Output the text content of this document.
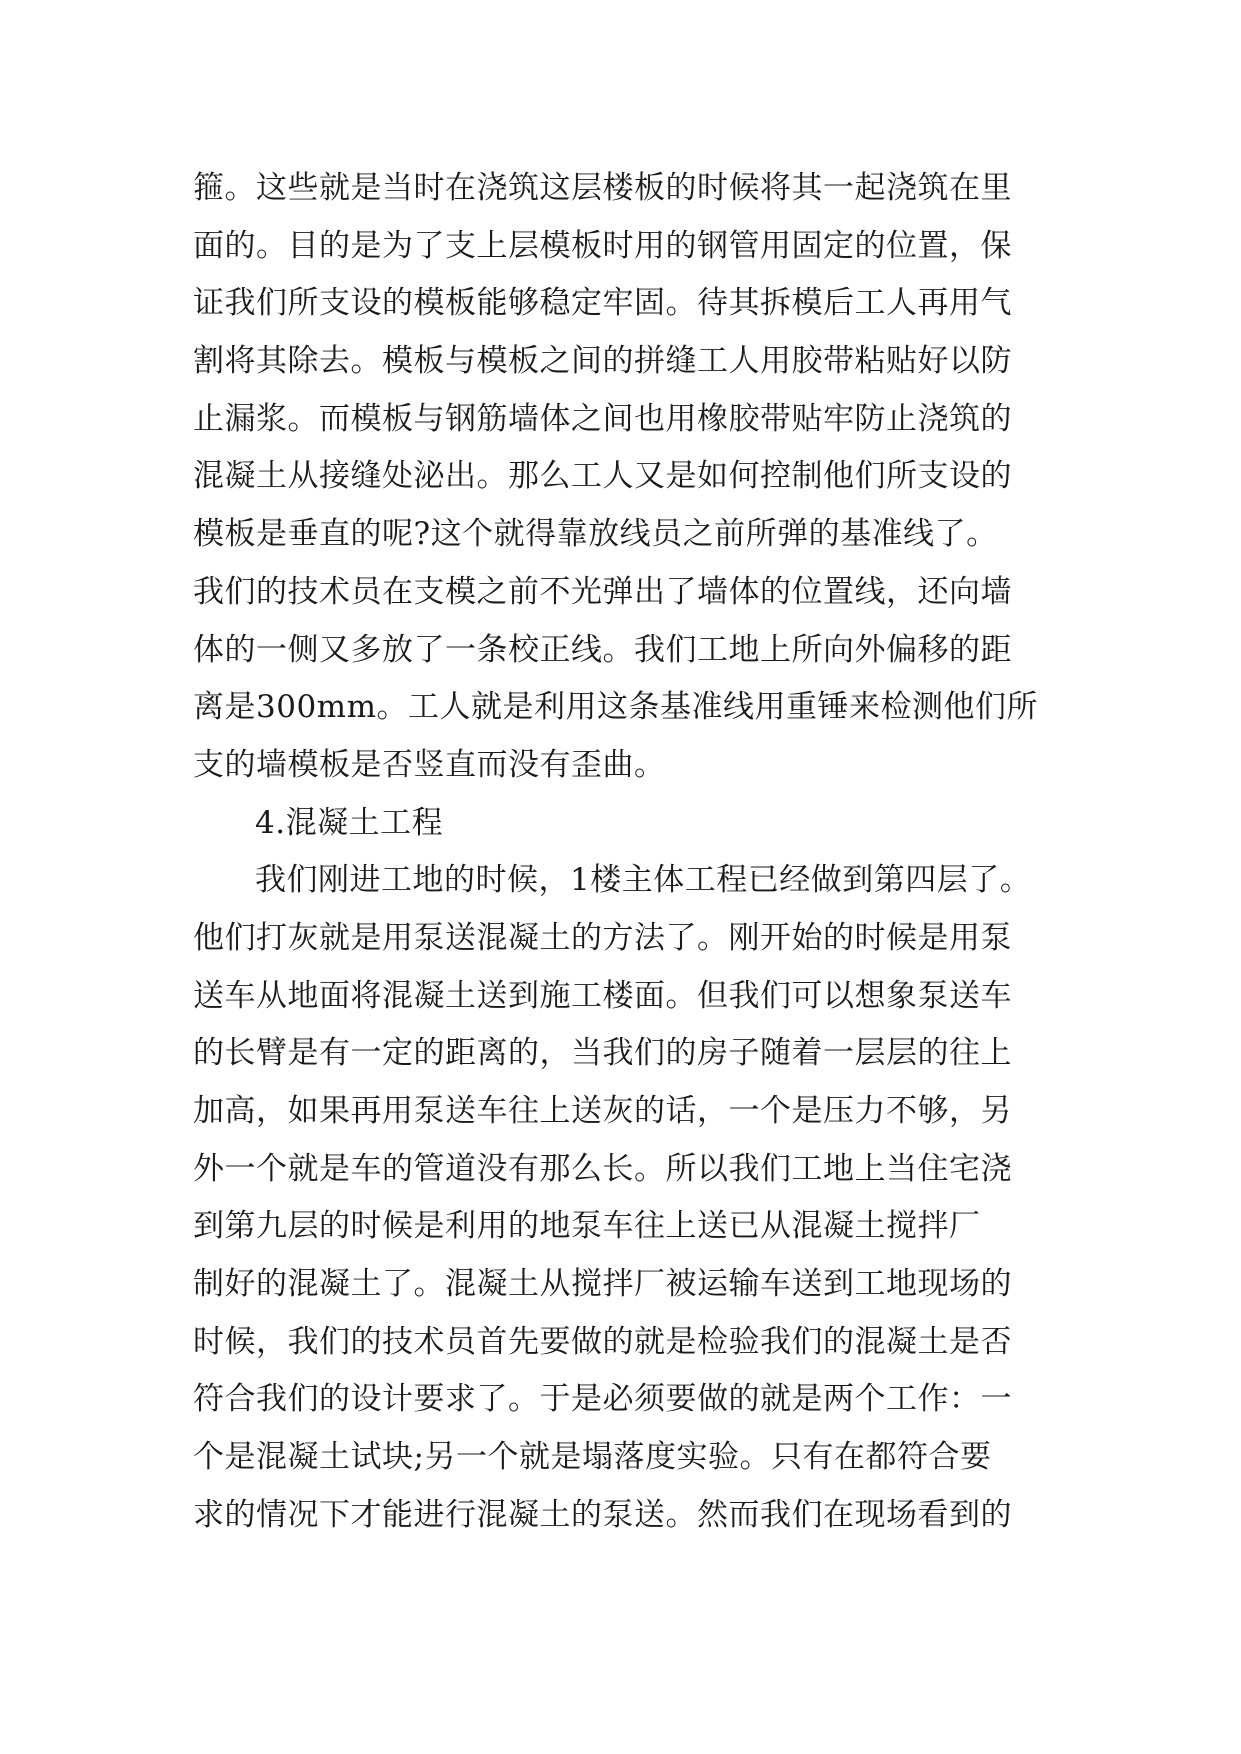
箍。这些就是当时在浇筑这层楼板的时候将其一起浇筑在里
面的。目的是为了支上层模板时用的钢管用固定的位置，保
证我们所支设的模板能够稳定牢固。待其拆模后工人再用气
割将其除去。模板与模板之间的拼缝工人用胶带粘贴好以防
止漏浆。而模板与钢筋墙体之间也用橡胶带贴牢防止浇筑的
混凝土从接缝处泌出。那么工人又是如何控制他们所支设的
模板是垂直的呢?这个就得靠放线员之前所弹的基准线了。
我们的技术员在支模之前不光弹出了墙体的位置线，还向墙
体的一侧又多放了一条校正线。我们工地上所向外偏移的距
离是300mm。工人就是利用这条基准线用重锤来检测他们所
支的墙模板是否竖直而没有歪曲。
4.混凝土工程
我们刚进工地的时候，1楼主体工程已经做到第四层了。
他们打灰就是用泵送混凝土的方法了。刚开始的时候是用泵
送车从地面将混凝土送到施工楼面。但我们可以想象泵送车
的长臂是有一定的距离的，当我们的房子随着一层层的往上
加高，如果再用泵送车往上送灰的话，一个是压力不够，另
外一个就是车的管道没有那么长。所以我们工地上当住宅浇
到第九层的时候是利用的地泵车往上送已从混凝土搅拌厂
制好的混凝土了。混凝土从搅拌厂被运输车送到工地现场的
时候，我们的技术员首先要做的就是检验我们的混凝土是否
符合我们的设计要求了。于是必须要做的就是两个工作：一
个是混凝土试块;另一个就是塌落度实验。只有在都符合要
求的情况下才能进行混凝土的泵送。然而我们在现场看到的
